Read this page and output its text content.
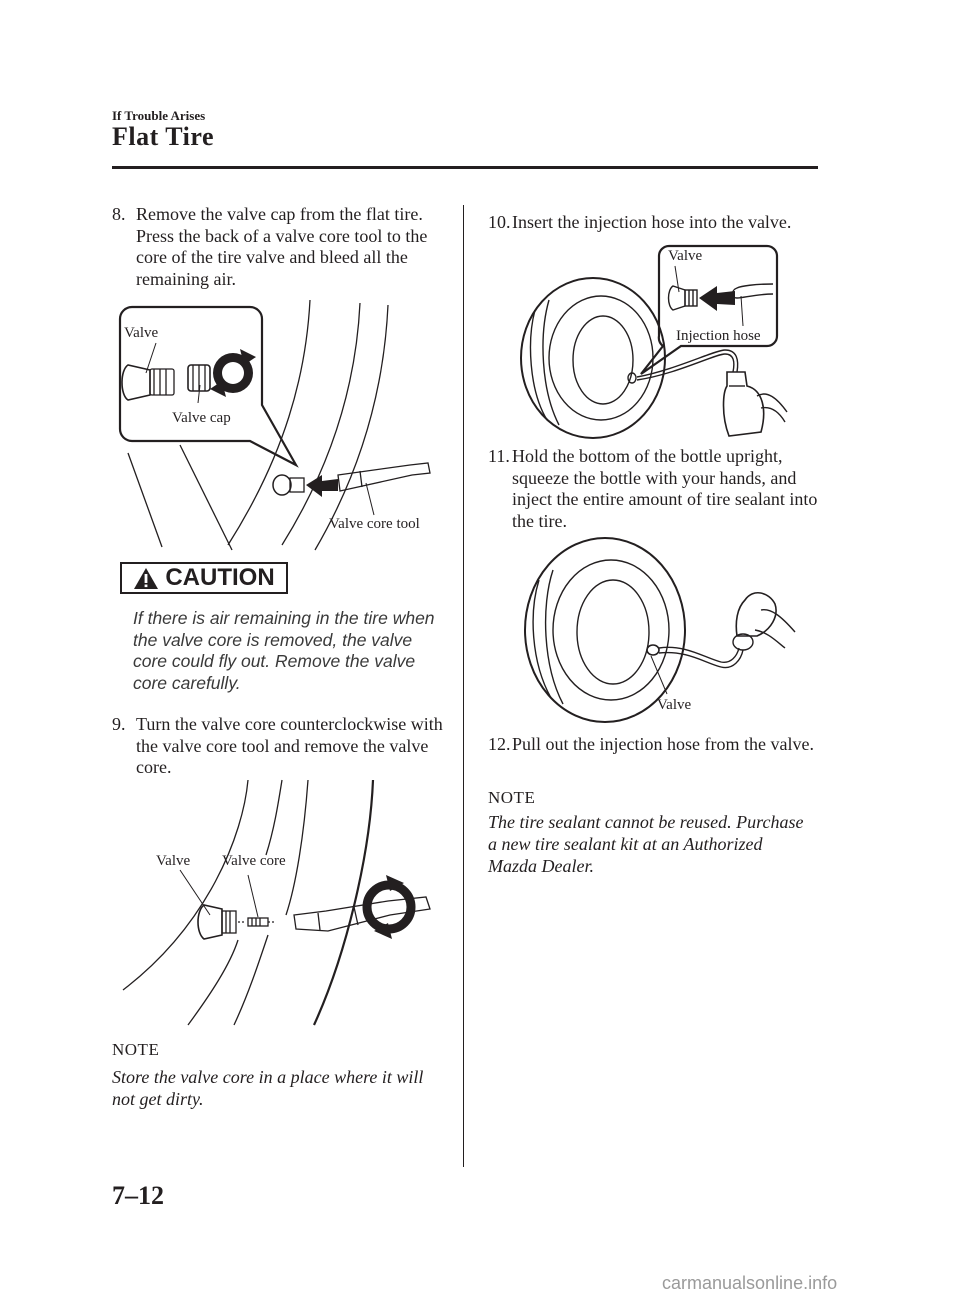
If Trouble Arises
Flat Tire
8. Remove the valve cap from the flat tire. Press the back of a valve core tool to the core of the tire valve and bleed all the remaining air.
Valve
Valve cap
Valve core tool
CAUTION
If there is air remaining in the tire when the valve core is removed, the valve core could fly out. Remove the valve core carefully.
9. Turn the valve core counterclockwise with the valve core tool and remove the valve core.
Valve Valve core
NOTE
Store the valve core in a place where it will not get dirty.
10. Insert the injection hose into the valve.
Valve
Injection hose
11. Hold the bottom of the bottle upright, squeeze the bottle with your hands, and inject the entire amount of tire sealant into the tire.
Valve
12. Pull out the injection hose from the valve.
NOTE
The tire sealant cannot be reused. Purchase a new tire sealant kit at an Authorized Mazda Dealer.
7–12
carmanualsonline.info
